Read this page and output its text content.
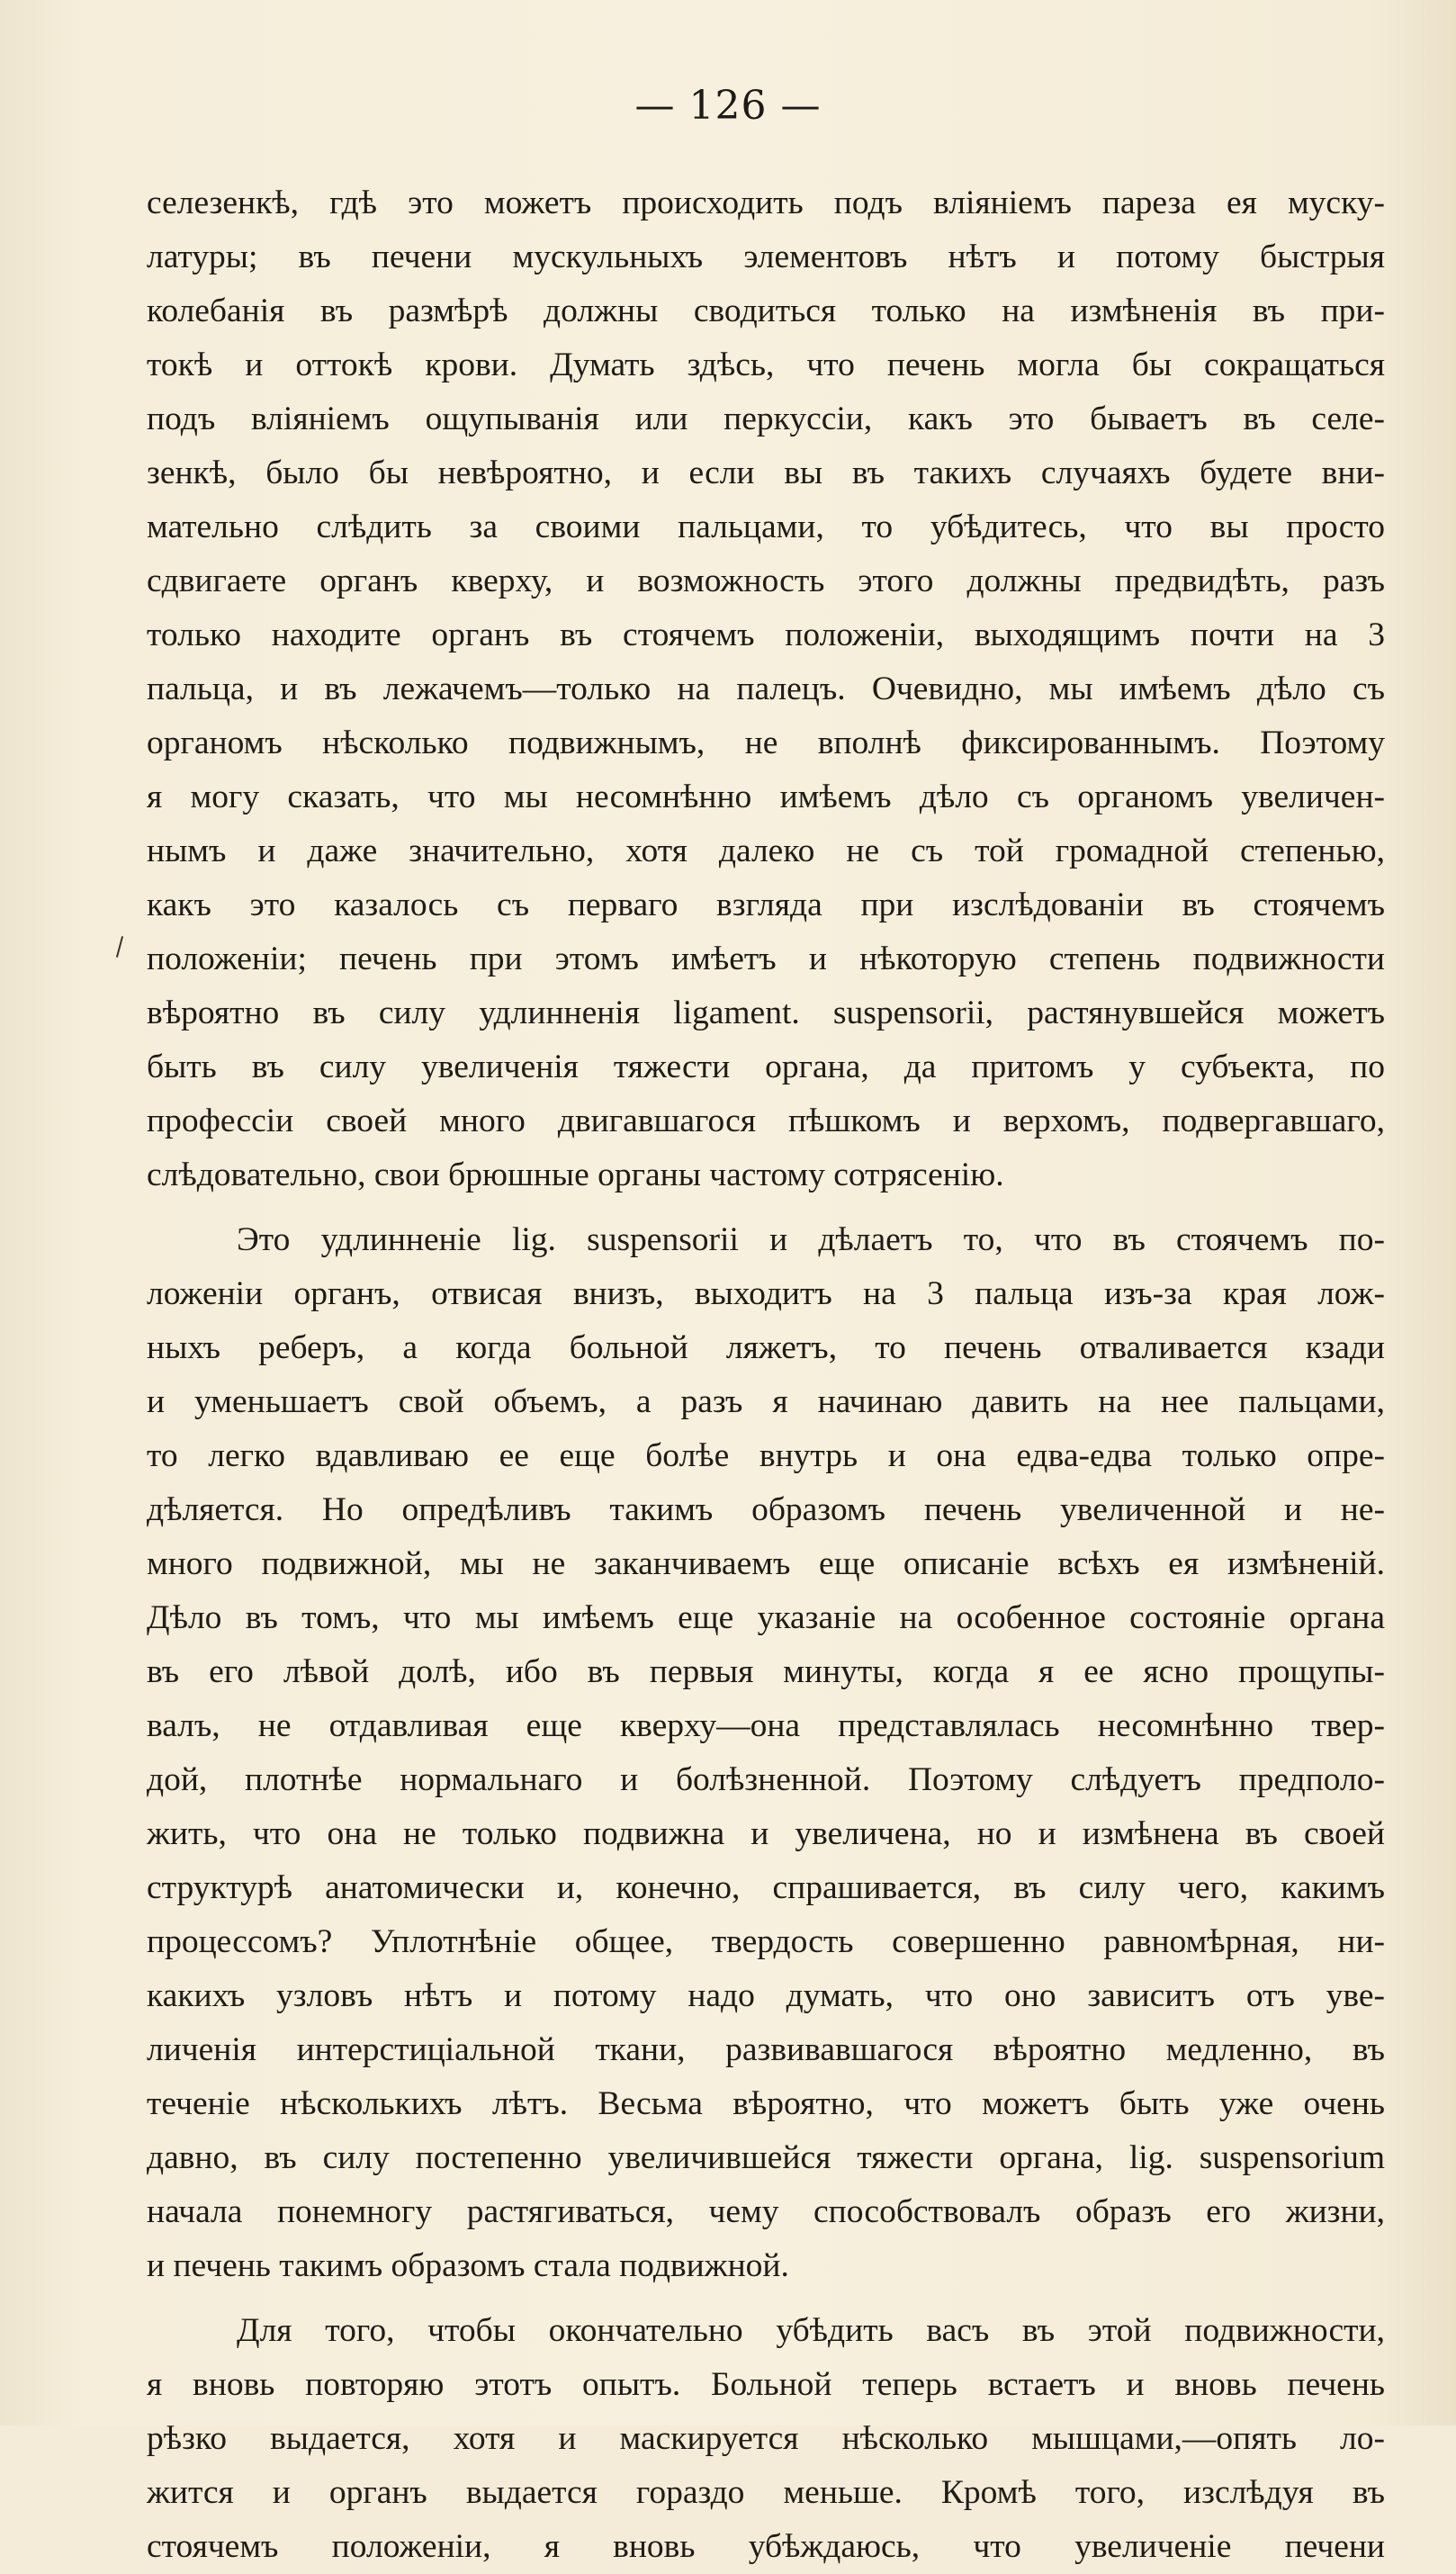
— 126 —
селезенкѣ, гдѣ это можетъ происходить подъ вліяніемъ пареза ея муску-
латуры; въ печени мускульныхъ элементовъ нѣтъ и потому быстрыя
колебанія въ размѣрѣ должны сводиться только на измѣненія въ при-
токѣ и оттокѣ крови. Думать здѣсь, что печень могла бы сокращаться
подъ вліяніемъ ощупыванія или перкуссіи, какъ это бываетъ въ селе-
зенкѣ, было бы невѣроятно, и если вы въ такихъ случаяхъ будете вни-
мательно слѣдить за своими пальцами, то убѣдитесь, что вы просто
сдвигаете органъ кверху, и возможность этого должны предвидѣть, разъ
только находите органъ въ стоячемъ положеніи, выходящимъ почти на 3
пальца, и въ лежачемъ—только на палецъ. Очевидно, мы имѣемъ дѣло съ
органомъ нѣсколько подвижнымъ, не вполнѣ фиксированнымъ. Поэтому
я могу сказать, что мы несомнѣнно имѣемъ дѣло съ органомъ увеличен-
нымъ и даже значительно, хотя далеко не съ той громадной степенью,
какъ это казалось съ перваго взгляда при изслѣдованіи въ стоячемъ
положеніи; печень при этомъ имѣетъ и нѣкоторую степень подвижности
вѣроятно въ силу удлинненія ligament. suspensorii, растянувшейся можетъ
быть въ силу увеличенія тяжести органа, да притомъ у субъекта, по
профессіи своей много двигавшагося пѣшкомъ и верхомъ, подвергавшаго,
слѣдовательно, свои брюшные органы частому сотрясенію.
Это удлинненіе lig. suspensorii и дѣлаетъ то, что въ стоячемъ по-
ложеніи органъ, отвисая внизъ, выходитъ на 3 пальца изъ-за края лож-
ныхъ реберъ, а когда больной ляжетъ, то печень отваливается кзади
и уменьшаетъ свой объемъ, а разъ я начинаю давить на нее пальцами,
то легко вдавливаю ее еще болѣе внутрь и она едва-едва только опре-
дѣляется. Но опредѣливъ такимъ образомъ печень увеличенной и не-
много подвижной, мы не заканчиваемъ еще описаніе всѣхъ ея измѣненій.
Дѣло въ томъ, что мы имѣемъ еще указаніе на особенное состояніе органа
въ его лѣвой долѣ, ибо въ первыя минуты, когда я ее ясно прощупы-
валъ, не отдавливая еще кверху—она представлялась несомнѣнно твер-
дой, плотнѣе нормальнаго и болѣзненной. Поэтому слѣдуетъ предполо-
жить, что она не только подвижна и увеличена, но и измѣнена въ своей
структурѣ анатомически и, конечно, спрашивается, въ силу чего, какимъ
процессомъ? Уплотнѣніе общее, твердость совершенно равномѣрная, ни-
какихъ узловъ нѣтъ и потому надо думать, что оно зависитъ отъ уве-
личенія интерстиціальной ткани, развивавшагося вѣроятно медленно, въ
теченіе нѣсколькихъ лѣтъ. Весьма вѣроятно, что можетъ быть уже очень
давно, въ силу постепенно увеличившейся тяжести органа, lig. suspensorium
начала понемногу растягиваться, чему способствовалъ образъ его жизни,
и печень такимъ образомъ стала подвижной.
Для того, чтобы окончательно убѣдить васъ въ этой подвижности,
я вновь повторяю этотъ опытъ. Больной теперь встаетъ и вновь печень
рѣзко выдается, хотя и маскируется нѣсколько мышцами,—опять ло-
жится и органъ выдается гораздо меньше. Кромѣ того, изслѣдуя въ
стоячемъ положеніи, я вновь убѣждаюсь, что увеличеніе печени
